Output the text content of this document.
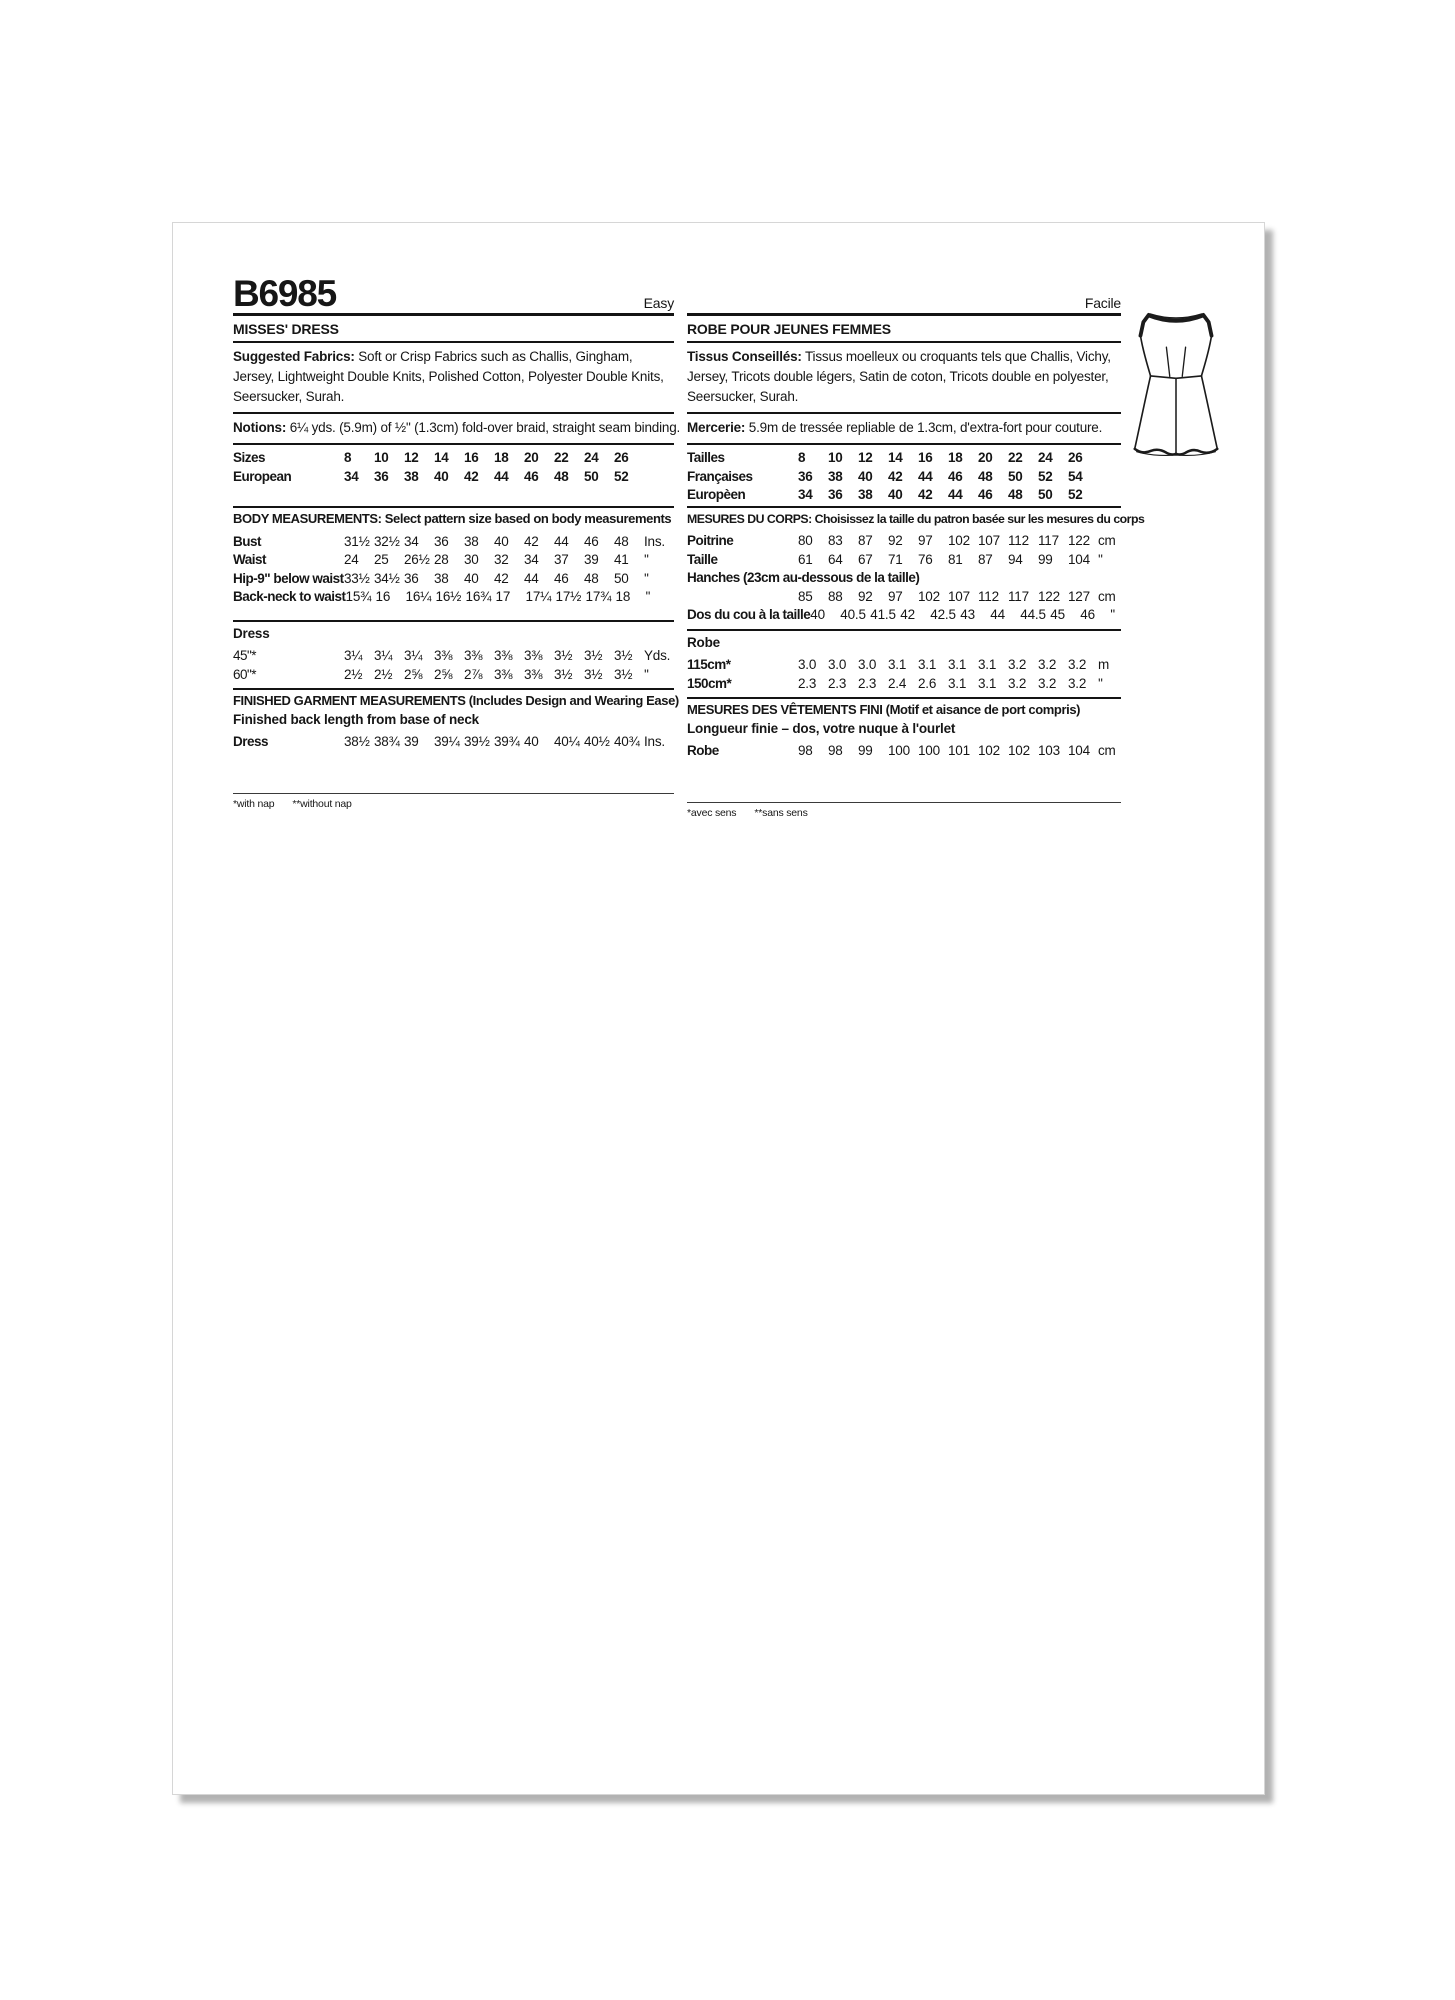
B6985	Easy
MISSES' DRESS
Suggested Fabrics: Soft or Crisp Fabrics such as Challis, Gingham, Jersey, Lightweight Double Knits, Polished Cotton, Polyester Double Knits, Seersucker, Surah.
Notions: 6¼ yds. (5.9m) of ½" (1.3cm) fold-over braid, straight seam binding.
Sizes	8	10	12	14	16	18	20	22	24	26
European	34	36	38	40	42	44	46	48	50	52
BODY MEASUREMENTS: Select pattern size based on body measurements
Bust	31½ 32½ 34	36	38	40	42	44	46	48	Ins.
Waist	24	25	26½ 28	30	32	34	37	39	41	''
Hip-9" below waist 33½ 34½ 36	38	40	42	44	46	48	50	''
Back-neck to waist 15¾ 16	16¼ 16½ 16¾ 17	17¼ 17½ 17¾ 18	''
Dress
45"*	3¼ 3¼ 3¼ 3⅜ 3⅜ 3⅜ 3⅜ 3½ 3½ 3½ Yds.
60"*	2½ 2½ 2⅝ 2⅝ 2⅞ 3⅜ 3⅜ 3½ 3½ 3½ ''
FINISHED GARMENT MEASUREMENTS (Includes Design and Wearing Ease)
Finished back length from base of neck
Dress	38½ 38¾ 39	39¼ 39½ 39¾ 40	40¼ 40½ 40¾ Ins.
*with nap **without nap
Facile
ROBE POUR JEUNES FEMMES
Tissus Conseillés: Tissus moelleux ou croquants tels que Challis, Vichy, Jersey, Tricots double légers, Satin de coton, Tricots double en polyester, Seersucker, Surah.
Mercerie: 5.9m de tressée repliable de 1.3cm, d'extra-fort pour couture.
Tailles	8	10	12	14	16	18	20	22	24	26
Françaises	36	38	40	42	44	46	48	50	52	54
Europèen	34	36	38	40	42	44	46	48	50	52
MESURES DU CORPS: Choisissez la taille du patron basée sur les mesures du corps
Poitrine	80	83	87	92	97	102 107 112 117 122 cm
Taille	61	64	67	71	76	81	87	94	99	104 ''
Hanches (23cm au-dessous de la taille)
85	88	92	97	102 107 112 117 122 127 cm
Dos du cou à la taille 40	40.5 41.5 42	42.5 43	44	44.5 45	46	''
Robe
115cm*	3.0 3.0 3.0 3.1 3.1 3.1 3.1 3.2 3.2 3.2 m
150cm*	2.3 2.3 2.3 2.4 2.6 3.1 3.1 3.2 3.2 3.2 ''
MESURES DES VÊTEMENTS FINI (Motif et aisance de port compris)
Longueur finie – dos, votre nuque à l'ourlet
Robe	98	98	99	100 100 101 102 102 103 104 cm
*avec sens **sans sens
